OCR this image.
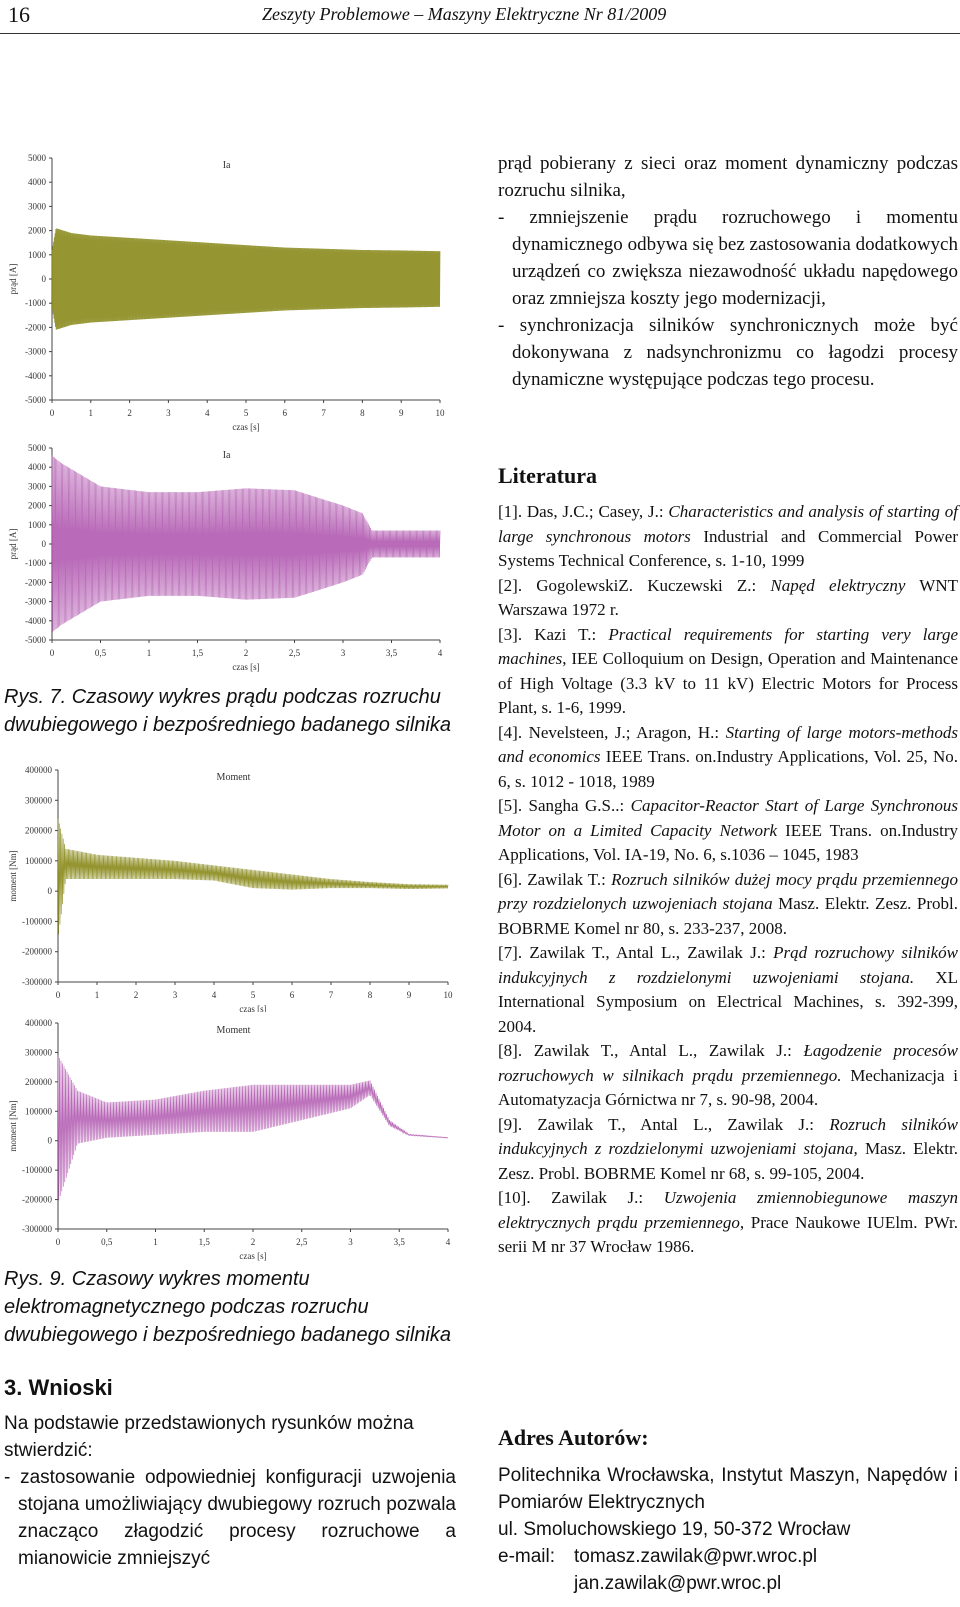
16	Zeszyty Problemowe – Maszyny Elektryczne Nr 81/2009
5000
4000
3000
2000
1000
0
-1000
-2000
-3000
-4000
-5000
0	1	2	3	4	5	6	7	8	9	10
czas [s]
prąd [A]
Ia
5000
4000
3000
2000
1000
0
-1000
-2000
-3000
-4000
-5000
0	0,5	1	1,5	2	2,5	3	3,5	4
czas [s]
prąd [A]
Ia
Rys. 7. Czasowy wykres prądu podczas rozruchu dwubiegowego i bezpośredniego badanego silnika
400000
300000
200000
100000
0
-100000
-200000
-300000
0	1	2	3	4	5	6	7	8	9	10
czas [s]
moment [Nm]
Moment
400000
300000
200000
100000
0
-100000
-200000
-300000
0	0,5	1	1,5	2	2,5	3	3,5	4
czas [s]
moment [Nm]
Moment
Rys. 9. Czasowy wykres momentu elektromagnetycznego podczas rozruchu dwubiegowego i bezpośredniego badanego silnika
3. Wnioski
Na podstawie przedstawionych rysunków można stwierdzić:

- zastosowanie odpowiedniej konfiguracji uzwojenia stojana umożliwiający dwubiegowy rozruch pozwala znacząco złagodzić procesy rozruchowe a mianowicie zmniejszyć

prąd pobierany z sieci oraz moment dynamiczny podczas rozruchu silnika,

- zmniejszenie prądu rozruchowego i momentu dynamicznego odbywa się bez zastosowania dodatkowych urządzeń co zwiększa niezawodność układu napędowego oraz zmniejsza koszty jego modernizacji,

- synchronizacja silników synchronicznych może być dokonywana z nadsynchronizmu co łagodzi procesy dynamiczne występujące podczas tego procesu.

Literatura

[1]. Das, J.C.; Casey, J.: Characteristics and analysis of starting of large synchronous motors Industrial and Commercial Power Systems Technical Conference, s. 1-10, 1999

[2]. GogolewskiZ. Kuczewski Z.: Napęd elektryczny WNT Warszawa 1972 r.

[3]. Kazi T.: Practical requirements for starting very large machines, IEE Colloquium on Design, Operation and Maintenance of High Voltage (3.3 kV to 11 kV) Electric Motors for Process Plant, s. 1-6, 1999.

[4]. Nevelsteen, J.; Aragon, H.: Starting of large motors-methods and economics IEEE Trans. on.Industry Applications, Vol. 25, No. 6, s. 1012 - 1018, 1989

[5]. Sangha G.S..: Capacitor-Reactor Start of Large Synchronous Motor on a Limited Capacity Network IEEE Trans. on.Industry Applications, Vol. IA-19, No. 6, s.1036 – 1045, 1983

[6]. Zawilak T.: Rozruch silników dużej mocy prądu przemiennego przy rozdzielonych uzwojeniach stojana Masz. Elektr. Zesz. Probl. BOBRME Komel nr 80, s. 233-237, 2008.

[7]. Zawilak T., Antal L., Zawilak J.: Prąd rozruchowy silników indukcyjnych z rozdzielonymi uzwojeniami stojana. XL International Symposium on Electrical Machines, s. 392-399, 2004.

[8]. Zawilak T., Antal L., Zawilak J.: Łagodzenie procesów rozruchowych w silnikach prądu przemiennego. Mechanizacja i Automatyzacja Górnictwa nr 7, s. 90-98, 2004.

[9]. Zawilak T., Antal L., Zawilak J.: Rozruch silników indukcyjnych z rozdzielonymi uzwojeniami stojana, Masz. Elektr. Zesz. Probl. BOBRME Komel nr 68, s. 99-105, 2004.

[10]. Zawilak J.: Uzwojenia zmiennobiegunowe maszyn elektrycznych prądu przemiennego, Prace Naukowe IUElm. PWr. serii M nr 37 Wrocław 1986.

Adres Autorów:
Politechnika Wrocławska, Instytut Maszyn, Napędów i Pomiarów Elektrycznych
ul. Smoluchowskiego 19, 50-372 Wrocław
e-mail: tomasz.zawilak@pwr.wroc.pl
jan.zawilak@pwr.wroc.pl
